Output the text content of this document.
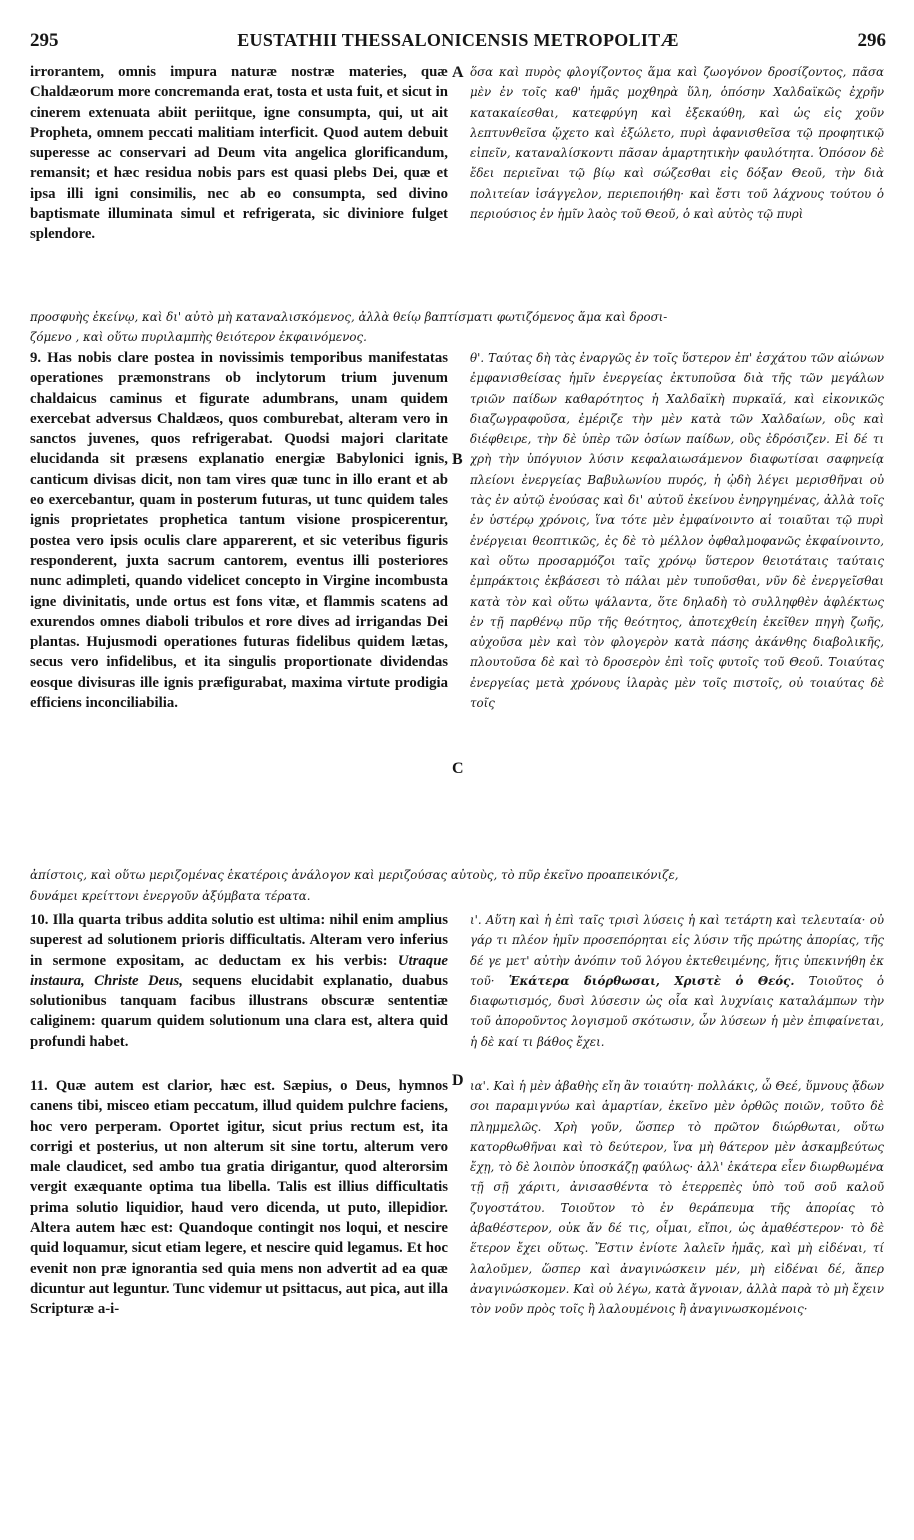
295	EUSTATHII THESSALONICENSIS METROPOLITÆ	296

irrorantem, omnis impura naturæ nostræ materies, quæ Chaldæorum more concremanda erat, tosta et usta fuit, et sicut in cinerem extenuata abiit periitque, igne consumpta, qui, ut ait Propheta, omnem peccati malitiam interficit. Quod autem debuit superesse ac conservari ad Deum vita angelica glorificandum, remansit; et hæc residua nobis pars est quasi plebs Dei, quæ et ipsa illi igni consimilis, nec ab eo consumpta, sed divino baptismate illuminata simul et refrigerata, sic diviniore fulget splendore.

A ὅσα καὶ πυρὸς φλογίζοντος ἅμα καὶ ζωογόνον δροσίζοντος, πᾶσα μὲν ἐν τοῖς καθ' ἡμᾶς μοχθηρὰ ὕλη, ὁπόσην Χαλδαϊκῶς ἐχρῆν κατακαίεσθαι, κατεφρύγη καὶ ἐξεκαύθη, καὶ ὡς εἰς χοῦν λεπτυνθεῖσα ᾤχετο καὶ ἐξώλετο, πυρὶ ἀφανισθεῖσα τῷ προφητικῷ εἰπεῖν, καταναλίσκοντι πᾶσαν ἁμαρτητικὴν φαυλότητα. Ὁπόσον δὲ ἔδει περιεῖναι τῷ βίῳ καὶ σώζεσθαι εἰς δόξαν Θεοῦ, τὴν διὰ πολιτείαν ἰσάγγελον, περιεποιήθη· καὶ ἔστι τοῦ λάχνους τούτου ὁ περιούσιος ἐν ἡμῖν λαὸς τοῦ Θεοῦ, ὁ καὶ αὐτὸς τῷ πυρὶ

προσφυὴς ἐκείνῳ, καὶ δι' αὐτὸ μὴ καταναλισκόμενος, ἀλλὰ θείῳ βαπτίσματι φωτιζόμενος ἅμα καὶ δροσι-
ζόμενο , καὶ οὕτω πυριλαμπὴς θειότερον ἐκφαινόμενος.

9. Has nobis clare postea in novissimis temporibus manifestatas operationes præmonstrans ob inclytorum trium juvenum chaldaicus caminus et figurate adumbrans, unam quidem exercebat adversus Chaldæos, quos comburebat, alteram vero in sanctos juvenes, quos refrigerabat. Quodsi majori claritate elucidanda sit præsens explanatio energiæ Babylonici ignis, canticum divisas dicit, non tam vires quæ tunc in illo erant et ab eo exercebantur, quam in posterum futuras, ut tunc quidem tales ignis proprietates prophetica tantum visione prospicerentur, postea vero ipsis oculis clare apparerent, et sic veteribus figuris responderent, juxta sacrum cantorem, eventus illi posteriores nunc adimpleti, quando videlicet concepto in Virgine incombusta igne divinitatis, unde ortus est fons vitæ, et flammis scatens ad exurendos omnes diaboli tribulos et rore dives ad irrigandas Dei plantas. Hujusmodi operationes futuras fidelibus quidem lætas, secus vero infidelibus, et ita singulis proportionate dividendas eosque divisuras ille ignis præfigurabat, maxima virtute prodigia efficiens inconciliabilia.

B
C

θ'. Ταύτας δὴ τὰς ἐναργῶς ἐν τοῖς ὕστερον ἐπ' ἐσχάτου τῶν αἰώνων ἐμφανισθείσας ἡμῖν ἐνεργείας ἐκτυποῦσα διὰ τῆς τῶν μεγάλων τριῶν παίδων καθαρότητος ἡ Χαλδαϊκὴ πυρκαϊά, καὶ εἰκονικῶς διαζωγραφοῦσα, ἐμέριζε τὴν μὲν κατὰ τῶν Χαλδαίων, οὓς καὶ διέφθειρε, τὴν δὲ ὑπὲρ τῶν ὁσίων παίδων, οὓς ἐδρόσιζεν. Εἰ δέ τι χρὴ τὴν ὑπόγυιον λύσιν κεφαλαιωσάμενον διαφωτίσαι σαφηνείᾳ πλείονι ἐνεργείας Βαβυλωνίου πυρός, ἡ ᾠδὴ λέγει μερισθῆναι οὐ τὰς ἐν αὐτῷ ἐνούσας καὶ δι' αὐτοῦ ἐκείνου ἐνηργημένας, ἀλλὰ τοῖς ἐν ὑστέρῳ χρόνοις, ἵνα τότε μὲν ἐμφαίνοιντο αἱ τοιαῦται τῷ πυρὶ ἐνέργειαι θεοπτικῶς, ἐς δὲ τὸ μέλλον ὀφθαλμοφανῶς ἐκφαίνοιντο, καὶ οὕτω προσαρμόζοι ταῖς χρόνῳ ὕστερον θειοτάταις ταύταις ἐμπράκτοις ἐκβάσεσι τὸ πάλαι μὲν τυποῦσθαι, νῦν δὲ ἐνεργεῖσθαι κατὰ τὸν καὶ οὕτω ψάλαντα, ὅτε δηλαδὴ τὸ συλληφθὲν ἀφλέκτως ἐν τῇ παρθένῳ πῦρ τῆς θεότητος, ἀποτεχθείη ἐκεῖθεν πηγὴ ζωῆς, αὐχοῦσα μὲν καὶ τὸν φλογερὸν κατὰ πάσης ἀκάνθης διαβολικῆς, πλουτοῦσα δὲ καὶ τὸ δροσερὸν ἐπὶ τοῖς φυτοῖς τοῦ Θεοῦ. Τοιαύτας ἐνεργείας μετὰ χρόνους ἱλαρὰς μὲν τοῖς πιστοῖς, οὐ τοιαύτας δὲ τοῖς

ἀπίστοις, καὶ οὕτω μεριζομένας ἑκατέροις ἀνάλογον καὶ μεριζούσας αὐτοὺς, τὸ πῦρ ἐκεῖνο προαπεικόνιζε,
δυνάμει κρείττονι ἐνεργοῦν ἀξύμβατα τέρατα.

10. Illa quarta tribus addita solutio est ultima: nihil enim amplius superest ad solutionem prioris difficultatis. Alteram vero inferius in sermone expositam, ac deductam ex his verbis: Utraque instaura, Christe Deus, sequens elucidabit explanatio, duabus solutionibus tanquam facibus illustrans obscuræ sententiæ caliginem: quarum quidem solutionum una clara est, altera quid profundi habet.

ι'. Αὕτη καὶ ἡ ἐπὶ ταῖς τρισὶ λύσεις ἡ καὶ τετάρτη καὶ τελευταία· οὐ γάρ τι πλέον ἡμῖν προσεπόρηται εἰς λύσιν τῆς πρώτης ἀπορίας, τῆς δέ γε μετ' αὐτὴν ἀνόπιν τοῦ λόγου ἐκτεθειμένης, ἥτις ὑπεκινήθη ἐκ τοῦ· Ἑκάτερα διόρθωσαι, Χριστὲ ὁ Θεός. Τοιοῦτος ὁ διαφωτισμός, δυσὶ λύσεσιν ὡς οἷα καὶ λυχνίαις καταλάμπων τὴν τοῦ ἀποροῦντος λογισμοῦ σκότωσιν, ὧν λύσεων ἡ μὲν ἐπιφαίνεται, ἡ δὲ καί τι βάθος ἔχει.

D

11. Quæ autem est clarior, hæc est. Sæpius, o Deus, hymnos canens tibi, misceo etiam peccatum, illud quidem pulchre faciens, hoc vero perperam. Oportet igitur, sicut prius rectum est, ita corrigi et posterius, ut non alterum sit sine tortu, alterum vero male claudicet, sed ambo tua gratia dirigantur, quod alterorsim vergit exæquante optima tua libella. Talis est illius difficultatis prima solutio liquidior, haud vero dicenda, ut puto, illepidior. Altera autem hæc est: Quandoque contingit nos loqui, et nescire quid loquamur, sicut etiam legere, et nescire quid legamus. Et hoc evenit non præ ignorantia sed quia mens non advertit ad ea quæ dicuntur aut leguntur. Tunc videmur ut psittacus, aut pica, aut illa Scripturæ a-i-

ια'. Καὶ ἡ μὲν ἀβαθὴς εἴη ἂν τοιαύτη· πολλάκις, ὦ Θεέ, ὕμνους ᾄδων σοι παραμιγνύω καὶ ἁμαρτίαν, ἐκεῖνο μὲν ὀρθῶς ποιῶν, τοῦτο δὲ πλημμελῶς. Χρὴ γοῦν, ὥσπερ τὸ πρῶτον διώρθωται, οὕτω κατορθωθῆναι καὶ τὸ δεύτερον, ἵνα μὴ θάτερον μὲν ἀσκαμβεύτως ἔχῃ, τὸ δὲ λοιπὸν ὑποσκάζῃ φαύλως· ἀλλ' ἑκάτερα εἶεν διωρθωμένα τῇ σῇ χάριτι, ἀνισασθέντα τὸ ἑτερρεπὲς ὑπὸ τοῦ σοῦ καλοῦ ζυγοστάτου. Τοιοῦτον τὸ ἐν θεράπευμα τῆς ἀπορίας τὸ ἀβαθέστερον, οὐκ ἄν δέ τις, οἶμαι, εἴποι, ὡς ἀμαθέστερον· τὸ δὲ ἕτερον ἔχει οὕτως. Ἔστιν ἐνίοτε λαλεῖν ἡμᾶς, καὶ μὴ εἰδέναι, τί λαλοῦμεν, ὥσπερ καὶ ἀναγινώσκειν μέν, μὴ εἰδέναι δέ, ἅπερ ἀναγινώσκομεν. Καὶ οὐ λέγω, κατὰ ἄγνοιαν, ἀλλὰ παρὰ τὸ μὴ ἔχειν τὸν νοῦν πρὸς τοῖς ἢ λαλουμένοις ἢ ἀναγινωσκομένοις·
